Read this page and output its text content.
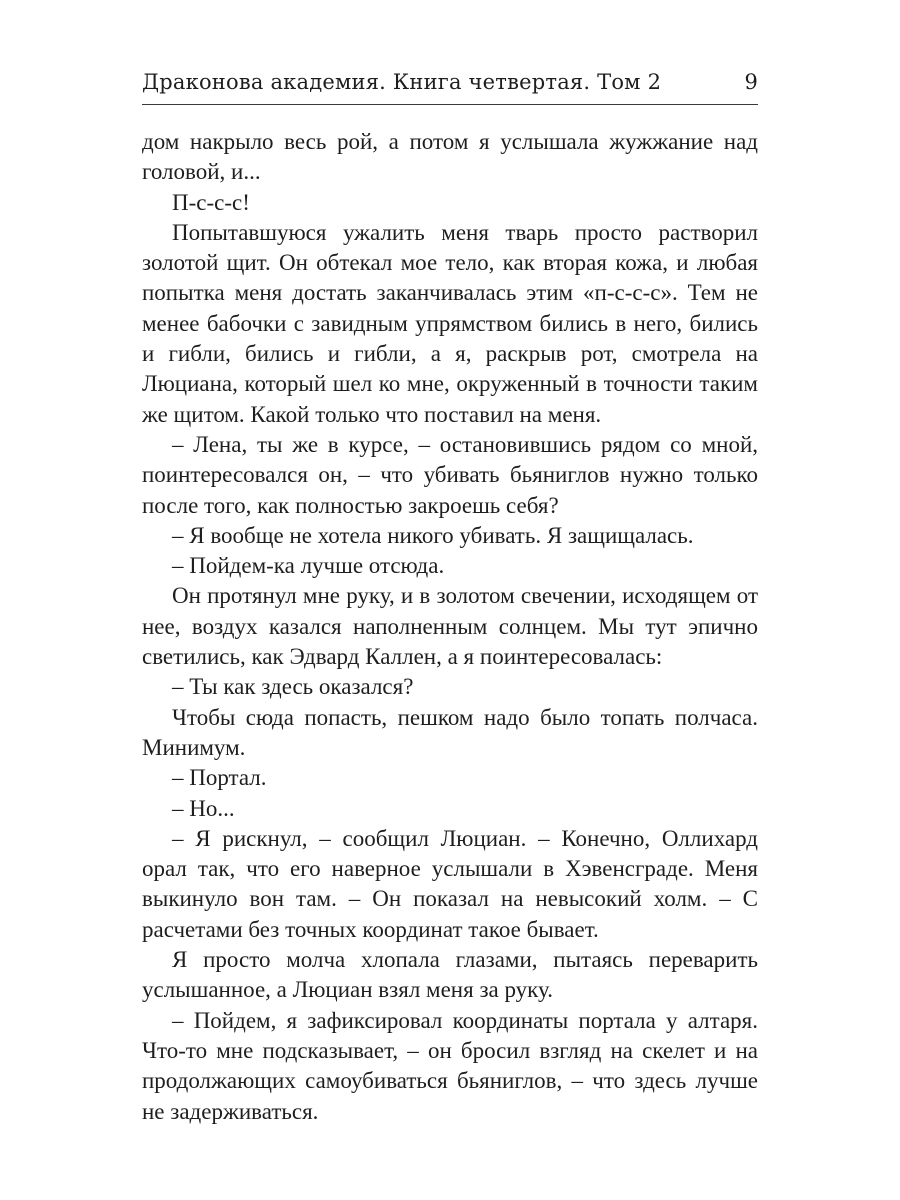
Драконова академия. Книга четвертая. Том 2	9

дом накрыло весь рой, а потом я услышала жужжание над головой, и...

П-с-с-с!

Попытавшуюся ужалить меня тварь просто растворил золотой щит. Он обтекал мое тело, как вторая кожа, и любая попытка меня достать заканчивалась этим «п-с-с-с». Тем не менее бабочки с завидным упрямством бились в него, бились и гибли, бились и гибли, а я, раскрыв рот, смотрела на Люциана, который шел ко мне, окруженный в точности таким же щитом. Какой только что поставил на меня.

– Лена, ты же в курсе, – остановившись рядом со мной, поинтересовался он, – что убивать бьяниглов нужно только после того, как полностью закроешь себя?

– Я вообще не хотела никого убивать. Я защищалась.

– Пойдем-ка лучше отсюда.

Он протянул мне руку, и в золотом свечении, исходящем от нее, воздух казался наполненным солнцем. Мы тут эпично светились, как Эдвард Каллен, а я поинтересовалась:

– Ты как здесь оказался?

Чтобы сюда попасть, пешком надо было топать полчаса. Минимум.

– Портал.

– Но...

– Я рискнул, – сообщил Люциан. – Конечно, Оллихард орал так, что его наверное услышали в Хэвенсграде. Меня выкинуло вон там. – Он показал на невысокий холм. – С расчетами без точных координат такое бывает.

Я просто молча хлопала глазами, пытаясь переварить услышанное, а Люциан взял меня за руку.

– Пойдем, я зафиксировал координаты портала у алтаря. Что-то мне подсказывает, – он бросил взгляд на скелет и на продолжающих самоубиваться бьяниглов, – что здесь лучше не задерживаться.
